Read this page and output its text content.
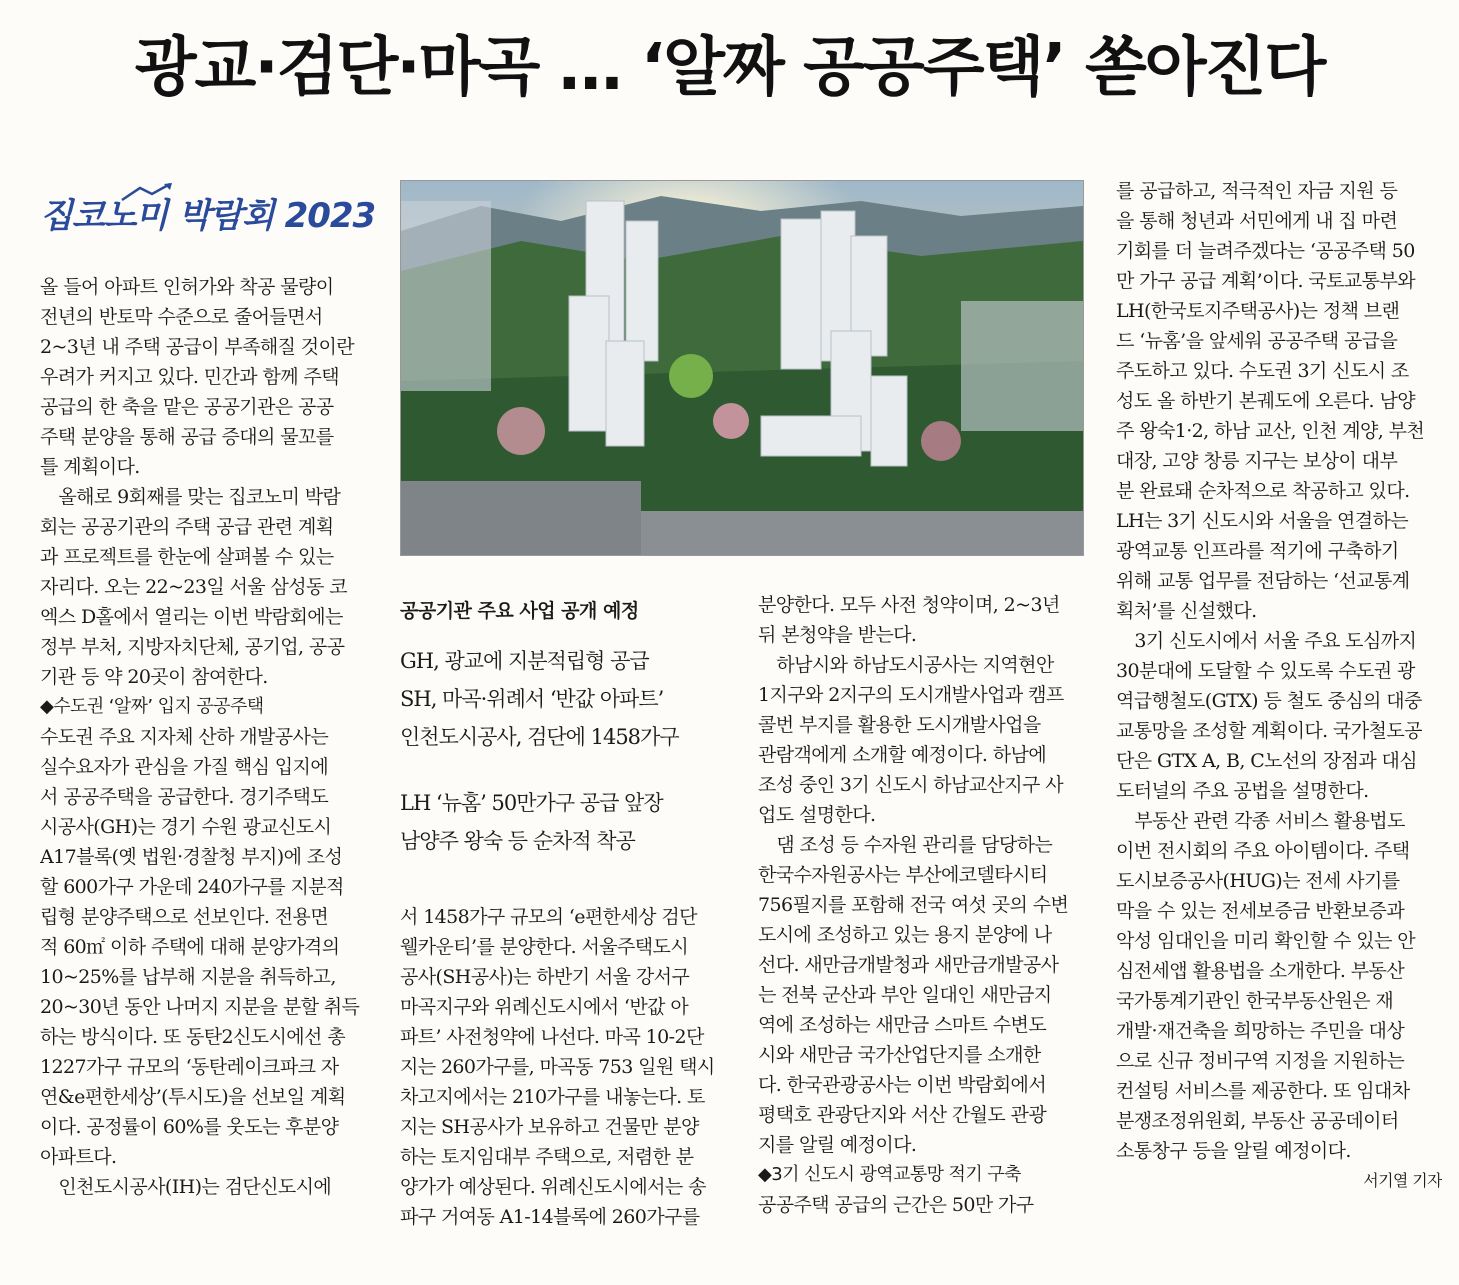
광교·검단·마곡 … ‘알짜 공공주택’ 쏟아진다
집코노미 박람회 2023

올 들어 아파트 인허가와 착공 물량이

전년의 반토막 수준으로 줄어들면서

2~3년 내 주택 공급이 부족해질 것이란

우려가 커지고 있다. 민간과 함께 주택

공급의 한 축을 맡은 공공기관은 공공

주택 분양을 통해 공급 증대의 물꼬를

틀 계획이다.

　올해로 9회째를 맞는 집코노미 박람

회는 공공기관의 주택 공급 관련 계획

과 프로젝트를 한눈에 살펴볼 수 있는

자리다. 오는 22~23일 서울 삼성동 코

엑스 D홀에서 열리는 이번 박람회에는

정부 부처, 지방자치단체, 공기업, 공공

기관 등 약 20곳이 참여한다.

◆수도권 ‘알짜’ 입지 공공주택

수도권 주요 지자체 산하 개발공사는

실수요자가 관심을 가질 핵심 입지에

서 공공주택을 공급한다. 경기주택도

시공사(GH)는 경기 수원 광교신도시

A17블록(옛 법원·경찰청 부지)에 조성

할 600가구 가운데 240가구를 지분적

립형 분양주택으로 선보인다. 전용면

적 60㎡ 이하 주택에 대해 분양가격의

10~25%를 납부해 지분을 취득하고,

20~30년 동안 나머지 지분을 분할 취득

하는 방식이다. 또 동탄2신도시에선 총

1227가구 규모의 ‘동탄레이크파크 자

연&e편한세상’(투시도)을 선보일 계획

이다. 공정률이 60%를 웃도는 후분양

아파트다.

　인천도시공사(IH)는 검단신도시에

공공기관 주요 사업 공개 예정
GH, 광교에 지분적립형 공급
SH, 마곡·위례서 ‘반값 아파트’
인천도시공사, 검단에 1458가구
LH ‘뉴홈’ 50만가구 공급 앞장
남양주 왕숙 등 순차적 착공

서 1458가구 규모의 ‘e편한세상 검단

웰카운티’를 분양한다. 서울주택도시

공사(SH공사)는 하반기 서울 강서구

마곡지구와 위례신도시에서 ‘반값 아

파트’ 사전청약에 나선다. 마곡 10-2단

지는 260가구를, 마곡동 753 일원 택시

차고지에서는 210가구를 내놓는다. 토

지는 SH공사가 보유하고 건물만 분양

하는 토지임대부 주택으로, 저렴한 분

양가가 예상된다. 위례신도시에서는 송

파구 거여동 A1-14블록에 260가구를

분양한다. 모두 사전 청약이며, 2~3년

뒤 본청약을 받는다.

　하남시와 하남도시공사는 지역현안

1지구와 2지구의 도시개발사업과 캠프

콜번 부지를 활용한 도시개발사업을

관람객에게 소개할 예정이다. 하남에

조성 중인 3기 신도시 하남교산지구 사

업도 설명한다.

　댐 조성 등 수자원 관리를 담당하는

한국수자원공사는 부산에코델타시티

756필지를 포함해 전국 여섯 곳의 수변

도시에 조성하고 있는 용지 분양에 나

선다. 새만금개발청과 새만금개발공사

는 전북 군산과 부안 일대인 새만금지

역에 조성하는 새만금 스마트 수변도

시와 새만금 국가산업단지를 소개한

다. 한국관광공사는 이번 박람회에서

평택호 관광단지와 서산 간월도 관광

지를 알릴 예정이다.

◆3기 신도시 광역교통망 적기 구축

공공주택 공급의 근간은 50만 가구

를 공급하고, 적극적인 자금 지원 등

을 통해 청년과 서민에게 내 집 마련

기회를 더 늘려주겠다는 ‘공공주택 50

만 가구 공급 계획’이다. 국토교통부와

LH(한국토지주택공사)는 정책 브랜

드 ‘뉴홈’을 앞세워 공공주택 공급을

주도하고 있다. 수도권 3기 신도시 조

성도 올 하반기 본궤도에 오른다. 남양

주 왕숙1·2, 하남 교산, 인천 계양, 부천

대장, 고양 창릉 지구는 보상이 대부

분 완료돼 순차적으로 착공하고 있다.

LH는 3기 신도시와 서울을 연결하는

광역교통 인프라를 적기에 구축하기

위해 교통 업무를 전담하는 ‘선교통계

획처’를 신설했다.

　3기 신도시에서 서울 주요 도심까지

30분대에 도달할 수 있도록 수도권 광

역급행철도(GTX) 등 철도 중심의 대중

교통망을 조성할 계획이다. 국가철도공

단은 GTX A, B, C노선의 장점과 대심

도터널의 주요 공법을 설명한다.

　부동산 관련 각종 서비스 활용법도

이번 전시회의 주요 아이템이다. 주택

도시보증공사(HUG)는 전세 사기를

막을 수 있는 전세보증금 반환보증과

악성 임대인을 미리 확인할 수 있는 안

심전세앱 활용법을 소개한다. 부동산

국가통계기관인 한국부동산원은 재

개발·재건축을 희망하는 주민을 대상

으로 신규 정비구역 지정을 지원하는

컨설팅 서비스를 제공한다. 또 임대차

분쟁조정위원회, 부동산 공공데이터

소통창구 등을 알릴 예정이다.

서기열 기자
